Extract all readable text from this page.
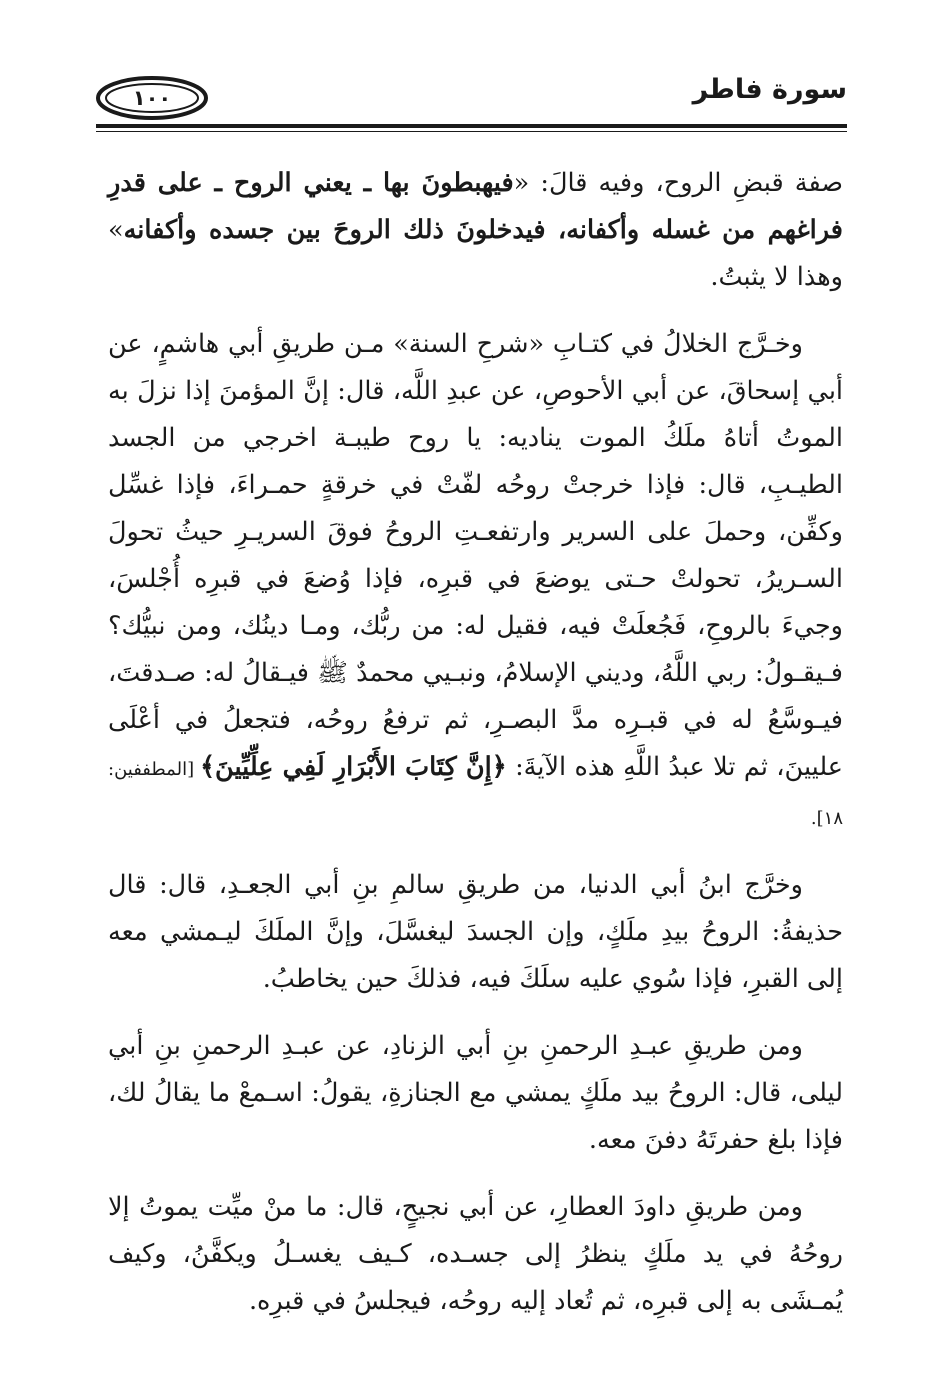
١٠٠	سورة فاطر

صفة قبضِ الروح، وفيه قالَ: «فيهبطونَ بها ـ يعني الروح ـ على قدرِ فراغهم من غسله وأكفانه، فيدخلونَ ذلك الروحَ بين جسده وأكفانه» وهذا لا يثبتُ.

وخـرَّج الخلالُ في كتـابِ «شرحِ السنة» مـن طريقِ أبي هاشمٍ، عن أبي إسحاقَ، عن أبي الأحوصِ، عن عبدِ اللَّه، قال: إنَّ المؤمنَ إذا نزلَ به الموتُ أتاهُ ملَكُ الموت يناديه: يا روح طيبـة اخرجي من الجسد الطيـبِ، قال: فإذا خرجتْ روحُه لفّتْ في خرقةٍ حمـراءَ، فإذا غسِّل وكفِّن، وحملَ على السرير وارتفعـتِ الروحُ فوقَ السريـرِ حيثُ تحولَ السـريرُ، تحولتْ حـتى يوضعَ في قبرِه، فإذا وُضعَ في قبرِه أُجْلسَ، وجيءَ بالروحِ، فَجُعلَتْ فيه، فقيل له: من ربُّك، ومـا دينُك، ومن نبيُّك؟ فـيقـولُ: ربي اللَّهُ، وديني الإسلامُ، ونبـيي محمدٌ ﷺ فيـقالُ له: صـدقتَ، فيـوسَّعُ له في قبـرِه مدَّ البصـرِ، ثم ترفعُ روحُه، فتجعلُ في أعْلَى عليينَ، ثم تلا عبدُ اللَّهِ هذه الآيةَ: ﴿إِنَّ كِتَابَ الأَبْرَارِ لَفِي عِلِّيِّينَ﴾ [المطففين: ١٨].

وخرَّج ابنُ أبي الدنيا، من طريقِ سالمِ بنِ أبي الجعـدِ، قال: قال حذيفةُ: الروحُ بيدِ ملَكٍ، وإن الجسدَ ليغسَّلَ، وإنَّ الملَكَ ليـمشي معه إلى القبرِ، فإذا سُوي عليه سلَكَ فيه، فذلكَ حين يخاطبُ.

ومن طريقِ عبـدِ الرحمنِ بنِ أبي الزنادِ، عن عبـدِ الرحمنِ بنِ أبي ليلى، قال: الروحُ بيد ملَكٍ يمشي مع الجنازةِ، يقولُ: اسـمعْ ما يقالُ لك، فإذا بلغ حفرتَهُ دفنَ معه.

ومن طريقِ داودَ العطارِ، عن أبي نجيحٍ، قال: ما منْ ميِّت يموتُ إلا روحُهُ في يد ملَكٍ ينظرُ إلى جسـده، كـيف يغسـلُ ويكفَّنُ، وكيف يُمـشَى به إلى قبرِه، ثم تُعاد إليه روحُه، فيجلسُ في قبرِه.
